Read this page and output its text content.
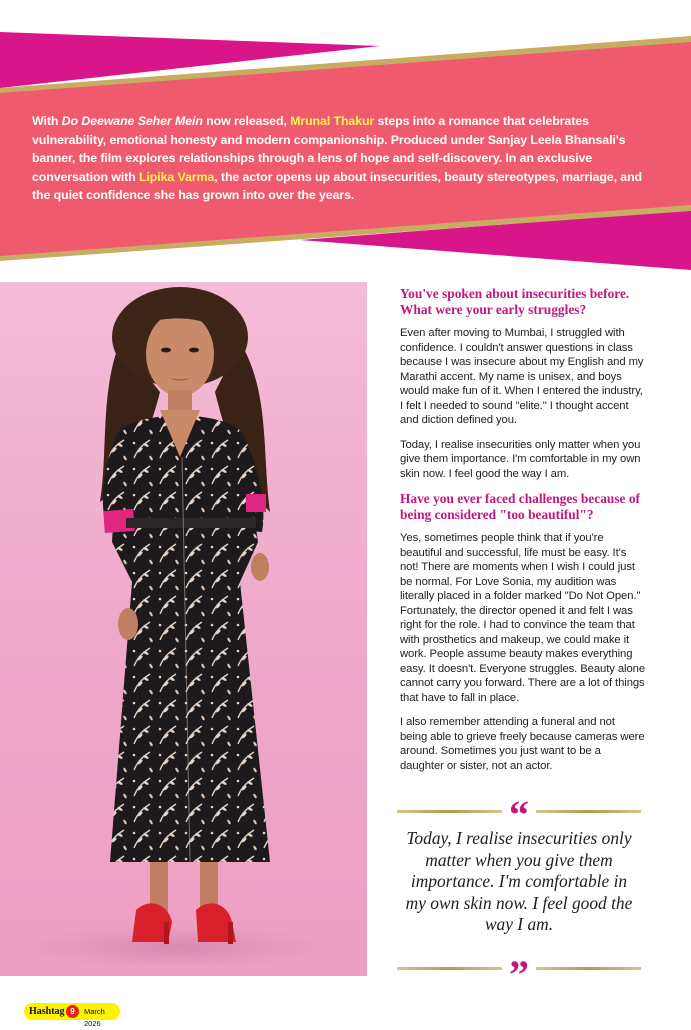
With Do Deewane Seher Mein now released, Mrunal Thakur steps into a romance that celebrates vulnerability, emotional honesty and modern companionship. Produced under Sanjay Leela Bhansali's banner, the film explores relationships through a lens of hope and self-discovery. In an exclusive conversation with Lipika Varma, the actor opens up about insecurities, beauty stereotypes, marriage, and the quiet confidence she has grown into over the years.

You've spoken about insecurities before. What were your early struggles?

Even after moving to Mumbai, I struggled with confidence. I couldn't answer questions in class because I was insecure about my English and my Marathi accent. My name is unisex, and boys would make fun of it. When I entered the industry, I felt I needed to sound "elite." I thought accent and diction defined you.

Today, I realise insecurities only matter when you give them importance. I'm comfortable in my own skin now. I feel good the way I am.

Have you ever faced challenges because of being considered "too beautiful"?

Yes, sometimes people think that if you're beautiful and successful, life must be easy. It's not! There are moments when I wish I could just be normal. For Love Sonia, my audition was literally placed in a folder marked "Do Not Open." Fortunately, the director opened it and felt I was right for the role. I had to convince the team that with prosthetics and makeup, we could make it work. People assume beauty makes everything easy. It doesn't. Everyone struggles. Beauty alone cannot carry you forward. There are a lot of things that have to fall in place.

I also remember attending a funeral and not being able to grieve freely because cameras were around. Sometimes you just want to be a daughter or sister, not an actor.

“

Today, I realise insecurities only matter when you give them importance. I'm comfortable in my own skin now. I feel good the way I am.

”
Hashtag 9	March 2026
